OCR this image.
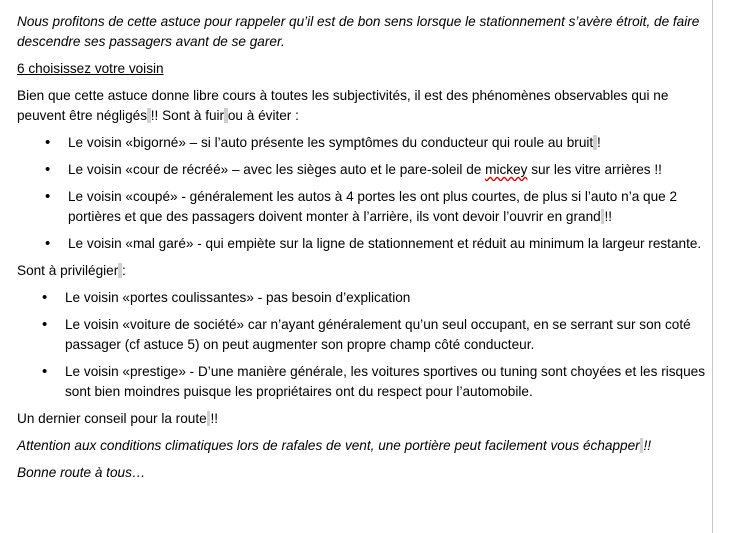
Nous profitons de cette astuce pour rappeler qu’il est de bon sens lorsque le stationnement s’avère étroit, de faire descendre ses passagers avant de se garer.

6 choisissez votre voisin

Bien que cette astuce donne libre cours à toutes les subjectivités, il est des phénomènes observables qui ne peuvent être négligés !! Sont à fuir ou à éviter :

• Le voisin «bigorné» – si l’auto présente les symptômes du conducteur qui roule au bruit !
• Le voisin «cour de récréé» – avec les sièges auto et le pare-soleil de mickey sur les vitre arrières !!
• Le voisin «coupé» - généralement les autos à 4 portes les ont plus courtes, de plus si l’auto n’a que 2 portières et que des passagers doivent monter à l’arrière, ils vont devoir l’ouvrir en grand !!
• Le voisin «mal garé» - qui empiète sur la ligne de stationnement et réduit au minimum la largeur restante.

Sont à privilégier :

• Le voisin «portes coulissantes» - pas besoin d’explication
• Le voisin «voiture de société» car n’ayant généralement qu’un seul occupant, en se serrant sur son coté passager (cf astuce 5) on peut augmenter son propre champ côté conducteur.
• Le voisin «prestige» - D’une manière générale, les voitures sportives ou tuning sont choyées et les risques sont bien moindres puisque les propriétaires ont du respect pour l’automobile.

Un dernier conseil pour la route !!

Attention aux conditions climatiques lors de rafales de vent, une portière peut facilement vous échapper !!

Bonne route à tous…
